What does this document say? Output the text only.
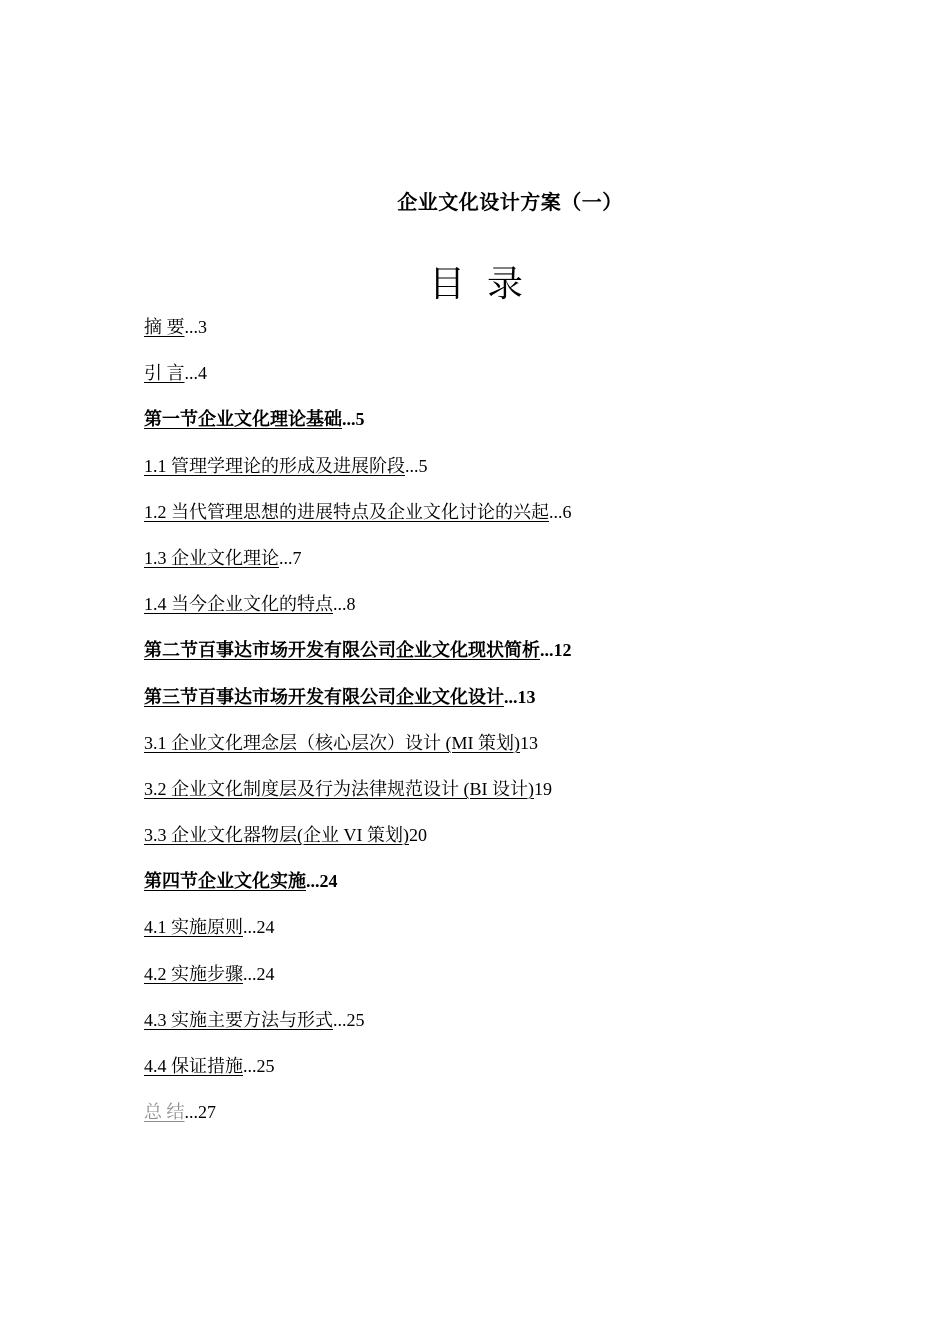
企业文化设计方案（一）
目录
摘 要...3
引 言...4
第一节企业文化理论基础...5
1.1 管理学理论的形成及进展阶段...5
1.2 当代管理思想的进展特点及企业文化讨论的兴起...6
1.3 企业文化理论...7
1.4 当今企业文化的特点...8
第二节百事达市场开发有限公司企业文化现状简析...12
第三节百事达市场开发有限公司企业文化设计...13
3.1 企业文化理念层（核心层次）设计 (MI 策划)13
3.2 企业文化制度层及行为法律规范设计 (BI 设计)19
3.3 企业文化器物层(企业 VI 策划)20
第四节企业文化实施...24
4.1 实施原则...24
4.2 实施步骤...24
4.3 实施主要方法与形式...25
4.4 保证措施...25
总 结...27
